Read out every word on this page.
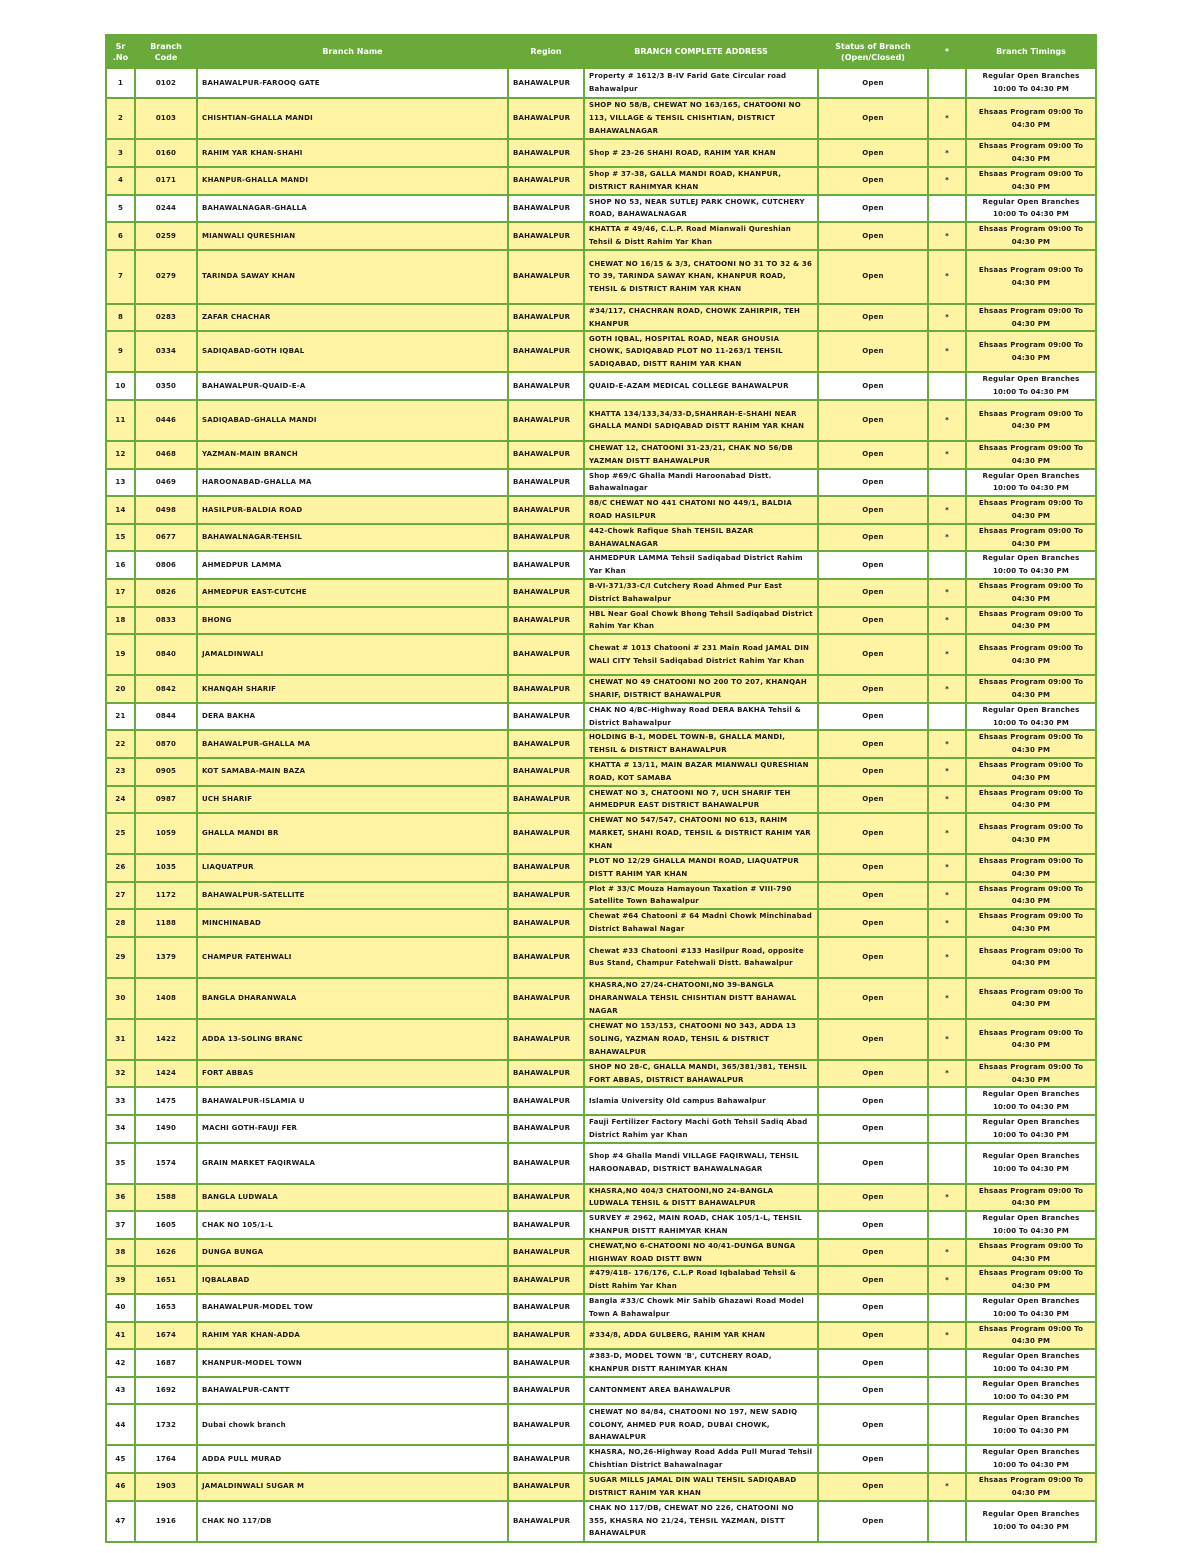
Sr .No	Branch Code	Branch Name	Region	BRANCH COMPLETE ADDRESS	Status of Branch (Open/Closed)	*	Branch Timings
1	0102	BAHAWALPUR-FAROOQ GATE	BAHAWALPUR	Property # 1612/3 B-IV Farid Gate Circular road Bahawalpur	Open		Regular Open Branches 10:00 To 04:30 PM
2	0103	CHISHTIAN-GHALLA MANDI	BAHAWALPUR	SHOP NO 58/B, CHEWAT NO 163/165, CHATOONI NO 113, VILLAGE & TEHSIL CHISHTIAN, DISTRICT BAHAWALNAGAR	Open	*	Ehsaas Program 09:00 To 04:30 PM
3	0160	RAHIM YAR KHAN-SHAHI	BAHAWALPUR	Shop # 23-26 SHAHI ROAD, RAHIM YAR KHAN	Open	*	Ehsaas Program 09:00 To 04:30 PM
4	0171	KHANPUR-GHALLA MANDI	BAHAWALPUR	Shop # 37-38, GALLA MANDI ROAD, KHANPUR, DISTRICT RAHIMYAR KHAN	Open	*	Ehsaas Program 09:00 To 04:30 PM
5	0244	BAHAWALNAGAR-GHALLA	BAHAWALPUR	SHOP NO 53, NEAR SUTLEJ PARK CHOWK, CUTCHERY ROAD, BAHAWALNAGAR	Open		Regular Open Branches 10:00 To 04:30 PM
6	0259	MIANWALI QURESHIAN	BAHAWALPUR	KHATTA # 49/46, C.L.P. Road Mianwali Qureshian Tehsil & Distt Rahim Yar Khan	Open	*	Ehsaas Program 09:00 To 04:30 PM
7	0279	TARINDA SAWAY KHAN	BAHAWALPUR	CHEWAT NO 16/15 & 3/3, CHATOONI NO 31 TO 32 & 36 TO 39, TARINDA SAWAY KHAN, KHANPUR ROAD, TEHSIL & DISTRICT RAHIM YAR KHAN	Open	*	Ehsaas Program 09:00 To 04:30 PM
8	0283	ZAFAR CHACHAR	BAHAWALPUR	#34/117, CHACHRAN ROAD, CHOWK ZAHIRPIR, TEH KHANPUR	Open	*	Ehsaas Program 09:00 To 04:30 PM
9	0334	SADIQABAD-GOTH IQBAL	BAHAWALPUR	GOTH IQBAL, HOSPITAL ROAD, NEAR GHOUSIA CHOWK, SADIQABAD PLOT NO 11-263/1 TEHSIL SADIQABAD, DISTT RAHIM YAR KHAN	Open	*	Ehsaas Program 09:00 To 04:30 PM
10	0350	BAHAWALPUR-QUAID-E-A	BAHAWALPUR	QUAID-E-AZAM MEDICAL COLLEGE BAHAWALPUR	Open		Regular Open Branches 10:00 To 04:30 PM
11	0446	SADIQABAD-GHALLA MANDI	BAHAWALPUR	KHATTA 134/133,34/33-D,SHAHRAH-E-SHAHI NEAR GHALLA MANDI SADIQABAD DISTT RAHIM YAR KHAN	Open	*	Ehsaas Program 09:00 To 04:30 PM
12	0468	YAZMAN-MAIN BRANCH	BAHAWALPUR	CHEWAT 12, CHATOONI 31-23/21, CHAK NO 56/DB YAZMAN DISTT BAHAWALPUR	Open	*	Ehsaas Program 09:00 To 04:30 PM
13	0469	HAROONABAD-GHALLA MA	BAHAWALPUR	Shop #69/C Ghalla Mandi Haroonabad Distt. Bahawalnagar	Open		Regular Open Branches 10:00 To 04:30 PM
14	0498	HASILPUR-BALDIA ROAD	BAHAWALPUR	88/C CHEWAT NO 441 CHATONI NO 449/1, BALDIA ROAD HASILPUR	Open	*	Ehsaas Program 09:00 To 04:30 PM
15	0677	BAHAWALNAGAR-TEHSIL	BAHAWALPUR	442-Chowk Rafique Shah TEHSIL BAZAR BAHAWALNAGAR	Open	*	Ehsaas Program 09:00 To 04:30 PM
16	0806	AHMEDPUR LAMMA	BAHAWALPUR	AHMEDPUR LAMMA Tehsil Sadiqabad District Rahim Yar Khan	Open		Regular Open Branches 10:00 To 04:30 PM
17	0826	AHMEDPUR EAST-CUTCHE	BAHAWALPUR	B-VI-371/33-C/I Cutchery Road Ahmed Pur East District Bahawalpur	Open	*	Ehsaas Program 09:00 To 04:30 PM
18	0833	BHONG	BAHAWALPUR	HBL Near Goal Chowk Bhong Tehsil Sadiqabad District Rahim Yar Khan	Open	*	Ehsaas Program 09:00 To 04:30 PM
19	0840	JAMALDINWALI	BAHAWALPUR	Chewat # 1013 Chatooni # 231 Main Road JAMAL DIN WALI CITY Tehsil Sadiqabad District Rahim Yar Khan	Open	*	Ehsaas Program 09:00 To 04:30 PM
20	0842	KHANQAH SHARIF	BAHAWALPUR	CHEWAT NO 49 CHATOONI NO 200 TO 207, KHANQAH SHARIF, DISTRICT BAHAWALPUR	Open	*	Ehsaas Program 09:00 To 04:30 PM
21	0844	DERA BAKHA	BAHAWALPUR	CHAK NO 4/BC-Highway Road DERA BAKHA Tehsil & District Bahawalpur	Open		Regular Open Branches 10:00 To 04:30 PM
22	0870	BAHAWALPUR-GHALLA MA	BAHAWALPUR	HOLDING B-1, MODEL TOWN-B, GHALLA MANDI, TEHSIL & DISTRICT BAHAWALPUR	Open	*	Ehsaas Program 09:00 To 04:30 PM
23	0905	KOT SAMABA-MAIN BAZA	BAHAWALPUR	KHATTA # 13/11, MAIN BAZAR MIANWALI QURESHIAN ROAD, KOT SAMABA	Open	*	Ehsaas Program 09:00 To 04:30 PM
24	0987	UCH SHARIF	BAHAWALPUR	CHEWAT NO 3, CHATOONI NO 7, UCH SHARIF TEH AHMEDPUR EAST DISTRICT BAHAWALPUR	Open	*	Ehsaas Program 09:00 To 04:30 PM
25	1059	GHALLA MANDI BR	BAHAWALPUR	CHEWAT NO 547/547, CHATOONI NO 613, RAHIM MARKET, SHAHI ROAD, TEHSIL & DISTRICT RAHIM YAR KHAN	Open	*	Ehsaas Program 09:00 To 04:30 PM
26	1035	LIAQUATPUR	BAHAWALPUR	PLOT NO 12/29 GHALLA MANDI ROAD, LIAQUATPUR DISTT RAHIM YAR KHAN	Open	*	Ehsaas Program 09:00 To 04:30 PM
27	1172	BAHAWALPUR-SATELLITE	BAHAWALPUR	Plot # 33/C Mouza Hamayoun Taxation # VIII-790 Satellite Town Bahawalpur	Open	*	Ehsaas Program 09:00 To 04:30 PM
28	1188	MINCHINABAD	BAHAWALPUR	Chewat #64 Chatooni # 64 Madni Chowk Minchinabad District Bahawal Nagar	Open	*	Ehsaas Program 09:00 To 04:30 PM
29	1379	CHAMPUR FATEHWALI	BAHAWALPUR	Chewat #33 Chatooni #133 Hasilpur Road, opposite Bus Stand, Champur Fatehwali Distt. Bahawalpur	Open	*	Ehsaas Program 09:00 To 04:30 PM
30	1408	BANGLA DHARANWALA	BAHAWALPUR	KHASRA,NO 27/24-CHATOONI,NO 39-BANGLA DHARANWALA TEHSIL CHISHTIAN DISTT BAHAWAL NAGAR	Open	*	Ehsaas Program 09:00 To 04:30 PM
31	1422	ADDA 13-SOLING BRANC	BAHAWALPUR	CHEWAT NO 153/153, CHATOONI NO 343, ADDA 13 SOLING, YAZMAN ROAD, TEHSIL & DISTRICT BAHAWALPUR	Open	*	Ehsaas Program 09:00 To 04:30 PM
32	1424	FORT ABBAS	BAHAWALPUR	SHOP NO 28-C, GHALLA MANDI, 365/381/381, TEHSIL FORT ABBAS, DISTRICT BAHAWALPUR	Open	*	Ehsaas Program 09:00 To 04:30 PM
33	1475	BAHAWALPUR-ISLAMIA U	BAHAWALPUR	Islamia University Old campus Bahawalpur	Open		Regular Open Branches 10:00 To 04:30 PM
34	1490	MACHI GOTH-FAUJI FER	BAHAWALPUR	Fauji Fertilizer Factory Machi Goth Tehsil Sadiq Abad District Rahim yar Khan	Open		Regular Open Branches 10:00 To 04:30 PM
35	1574	GRAIN MARKET FAQIRWALA	BAHAWALPUR	Shop #4 Ghalla Mandi VILLAGE FAQIRWALI, TEHSIL HAROONABAD, DISTRICT BAHAWALNAGAR	Open		Regular Open Branches 10:00 To 04:30 PM
36	1588	BANGLA LUDWALA	BAHAWALPUR	KHASRA,NO 404/3 CHATOONI,NO 24-BANGLA LUDWALA TEHSIL & DISTT BAHAWALPUR	Open	*	Ehsaas Program 09:00 To 04:30 PM
37	1605	CHAK NO 105/1-L	BAHAWALPUR	SURVEY # 2962, MAIN ROAD, CHAK 105/1-L, TEHSIL KHANPUR DISTT RAHIMYAR KHAN	Open		Regular Open Branches 10:00 To 04:30 PM
38	1626	DUNGA BUNGA	BAHAWALPUR	CHEWAT,NO 6-CHATOONI NO 40/41-DUNGA BUNGA HIGHWAY ROAD DISTT BWN	Open	*	Ehsaas Program 09:00 To 04:30 PM
39	1651	IQBALABAD	BAHAWALPUR	#479/418- 176/176, C.L.P Road Iqbalabad Tehsil & Distt Rahim Yar Khan	Open	*	Ehsaas Program 09:00 To 04:30 PM
40	1653	BAHAWALPUR-MODEL TOW	BAHAWALPUR	Bangla #33/C Chowk Mir Sahib Ghazawi Road Model Town A Bahawalpur	Open		Regular Open Branches 10:00 To 04:30 PM
41	1674	RAHIM YAR KHAN-ADDA	BAHAWALPUR	#334/8, ADDA GULBERG, RAHIM YAR KHAN	Open	*	Ehsaas Program 09:00 To 04:30 PM
42	1687	KHANPUR-MODEL TOWN	BAHAWALPUR	#383-D, MODEL TOWN 'B', CUTCHERY ROAD, KHANPUR DISTT RAHIMYAR KHAN	Open		Regular Open Branches 10:00 To 04:30 PM
43	1692	BAHAWALPUR-CANTT	BAHAWALPUR	CANTONMENT AREA BAHAWALPUR	Open		Regular Open Branches 10:00 To 04:30 PM
44	1732	Dubai chowk branch	BAHAWALPUR	CHEWAT NO 84/84, CHATOONI NO 197, NEW SADIQ COLONY, AHMED PUR ROAD, DUBAI CHOWK, BAHAWALPUR	Open		Regular Open Branches 10:00 To 04:30 PM
45	1764	ADDA PULL MURAD	BAHAWALPUR	KHASRA, NO,26-Highway Road Adda Pull Murad Tehsil Chishtian District Bahawalnagar	Open		Regular Open Branches 10:00 To 04:30 PM
46	1903	JAMALDINWALI SUGAR M	BAHAWALPUR	SUGAR MILLS JAMAL DIN WALI TEHSIL SADIQABAD DISTRICT RAHIM YAR KHAN	Open	*	Ehsaas Program 09:00 To 04:30 PM
47	1916	CHAK NO 117/DB	BAHAWALPUR	CHAK NO 117/DB, CHEWAT NO 226, CHATOONI NO 355, KHASRA NO 21/24, TEHSIL YAZMAN, DISTT BAHAWALPUR	Open		Regular Open Branches 10:00 To 04:30 PM
